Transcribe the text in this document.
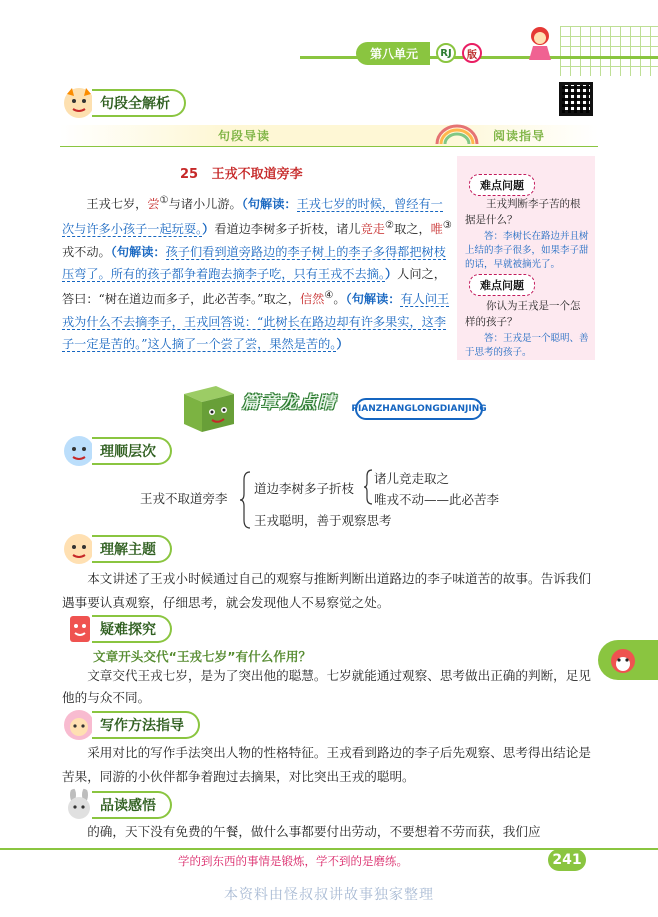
第八单元	RJ	版
句段全解析
句段导读	阅读指导
25 王戎不取道旁李
王戎七岁，尝①与诸小儿游。（句解读：王戎七岁的时候，曾经有一次与许多小孩子一起玩耍。）看道边李树多子折枝，诸儿竞走②取之，唯③戎不动。（句解读：孩子们看到道旁路边的李子树上的李子多得都把树枝压弯了。所有的孩子都争着跑去摘李子吃，只有王戎不去摘。）人问之，答曰：“树在道边而多子，此必苦李。”取之，信然④。（句解读：有人问王戎为什么不去摘李子，王戎回答说：“此树长在路边却有许多果实，这李子一定是苦的。”这人摘了一个尝了尝，果然是苦的。）
难点问题
王戎判断李子苦的根据是什么？
答：李树长在路边并且树上结的李子很多，如果李子甜的话，早就被摘光了。
难点问题
你认为王戎是一个怎样的孩子？
答：王戎是一个聪明、善于思考的孩子。
篇章龙点睛 PIANZHANGLONGDIANJING
理顺层次
王戎不取道旁李
道边李树多子折枝
诸儿竞走取之
唯戎不动——此必苦李
王戎聪明，善于观察思考
理解主题
本文讲述了王戎小时候通过自己的观察与推断判断出道路边的李子味道苦的故事。告诉我们遇事要认真观察，仔细思考，就会发现他人不易察觉之处。
疑难探究
文章开头交代“王戎七岁”有什么作用？
文章交代王戎七岁，是为了突出他的聪慧。七岁就能通过观察、思考做出正确的判断，足见他的与众不同。
写作方法指导
采用对比的写作手法突出人物的性格特征。王戎看到路边的李子后先观察、思考得出结论是苦果，同游的小伙伴都争着跑过去摘果，对比突出王戎的聪明。
品读感悟
的确，天下没有免费的午餐，做什么事都要付出劳动，不要想着不劳而获，我们应
学的到东西的事情是锻炼，学不到的是磨练。	241
本资料由怪叔叔讲故事独家整理
